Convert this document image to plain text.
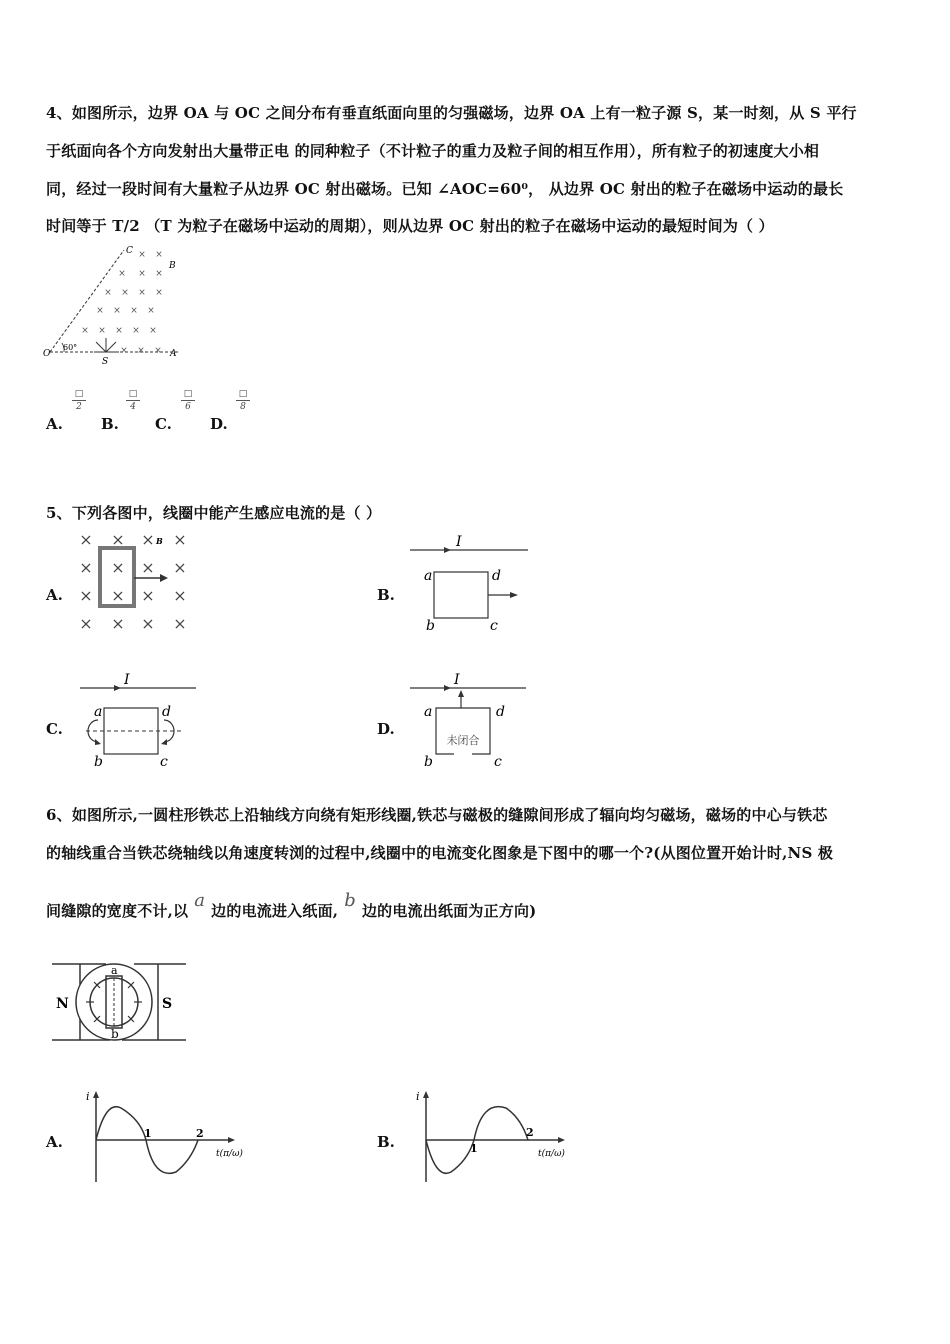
4、如图所示，边界 OA 与 OC 之间分布有垂直纸面向里的匀强磁场，边界 OA 上有一粒子源 S，某一时刻，从 S 平行
于纸面向各个方向发射出大量带正电 的同种粒子（不计粒子的重力及粒子间的相互作用），所有粒子的初速度大小相
同，经过一段时间有大量粒子从边界 OC 射出磁场。已知 ∠AOC=60⁰， 从边界 OC 射出的粒子在磁场中运动的最长
时间等于 T/2 （T 为粒子在磁场中运动的周期），则从边界 OC 射出的粒子在磁场中运动的最短时间为（ ）
× ×
× × ×
× × × ×
× × × ×
× × × × ×
× × ×
O	A
C
B
S
60°
A.
□
2
B.
□
4
C.
□
6
D.
□
8
5、下列各图中，线圈中能产生感应电流的是（ ）
A.
× × × ×
× × × ×
× × × ×
× × × ×
B
B.
I
a	d
b	c
C.
I
a	d
b	c
D.
I
未闭合
a	d
b	c
6、如图所示,一圆柱形铁芯上沿轴线方向绕有矩形线圈,铁芯与磁极的缝隙间形成了辐向均匀磁场，磁场的中心与铁芯
的轴线重合当铁芯绕轴线以角速度转浏的过程中,线圈中的电流变化图象是下图中的哪一个?(从图位置开始计时,NS 极
间缝隙的宽度不计,以 a 边的电流进入纸面, b 边的电流出纸面为正方向)
N	S
a
b
A.
i
1	2
t(π/ω)
B.
i
1
2
t(π/ω)
